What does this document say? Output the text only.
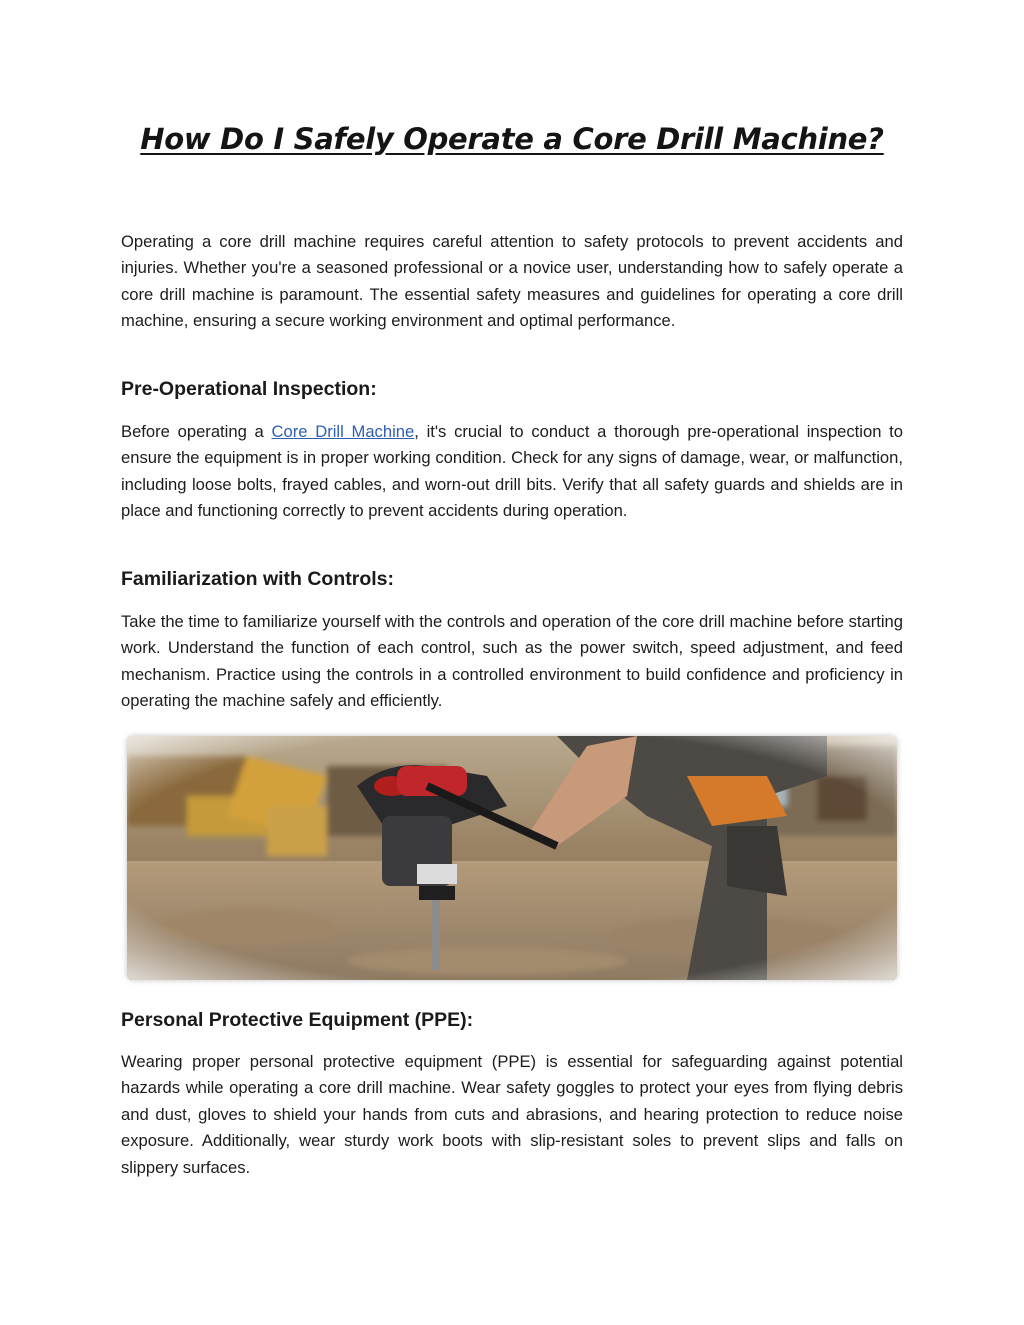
How Do I Safely Operate a Core Drill Machine?

Operating a core drill machine requires careful attention to safety protocols to prevent accidents and injuries. Whether you're a seasoned professional or a novice user, understanding how to safely operate a core drill machine is paramount. The essential safety measures and guidelines for operating a core drill machine, ensuring a secure working environment and optimal performance.

Pre-Operational Inspection:

Before operating a Core Drill Machine, it's crucial to conduct a thorough pre-operational inspection to ensure the equipment is in proper working condition. Check for any signs of damage, wear, or malfunction, including loose bolts, frayed cables, and worn-out drill bits. Verify that all safety guards and shields are in place and functioning correctly to prevent accidents during operation.

Familiarization with Controls:

Take the time to familiarize yourself with the controls and operation of the core drill machine before starting work. Understand the function of each control, such as the power switch, speed adjustment, and feed mechanism. Practice using the controls in a controlled environment to build confidence and proficiency in operating the machine safely and efficiently.

Personal Protective Equipment (PPE):

Wearing proper personal protective equipment (PPE) is essential for safeguarding against potential hazards while operating a core drill machine. Wear safety goggles to protect your eyes from flying debris and dust, gloves to shield your hands from cuts and abrasions, and hearing protection to reduce noise exposure. Additionally, wear sturdy work boots with slip-resistant soles to prevent slips and falls on slippery surfaces.
